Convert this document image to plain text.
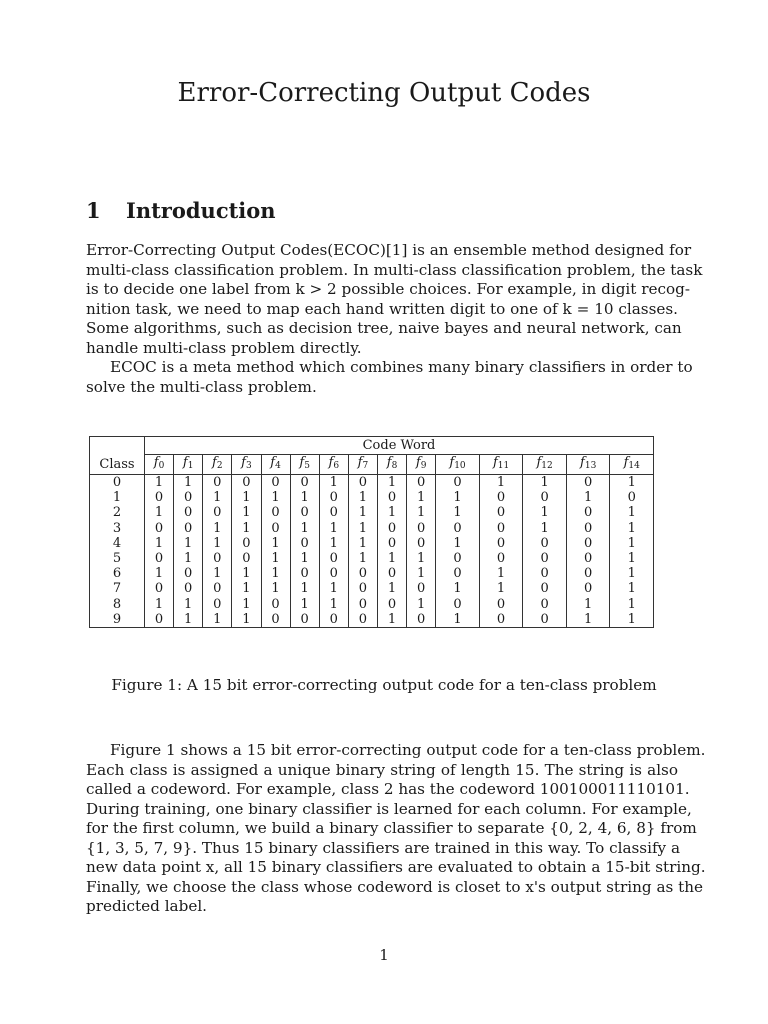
Error-Correcting Output Codes
1 Introduction
Error-Correcting Output Codes(ECOC)[1] is an ensemble method designed for
multi-class classification problem. In multi-class classification problem, the task
is to decide one label from k > 2 possible choices. For example, in digit recog-
nition task, we need to map each hand written digit to one of k = 10 classes.
Some algorithms, such as decision tree, naive bayes and neural network, can
handle multi-class problem directly.
ECOC is a meta method which combines many binary classifiers in order to
solve the multi-class problem.
	Code Word														
Class	$f_0$	$f_1$	$f_2$	$f_3$	$f_4$	$f_5$	$f_6$	$f_7$	$f_8$	$f_9$	$f_{10}$	$f_{11}$	$f_{12}$	$f_{13}$	$f_{14}$
0	1	1	0	0	0	0	1	0	1	0	0	1	1	0	1
1	0	0	1	1	1	1	0	1	0	1	1	0	0	1	0
2	1	0	0	1	0	0	0	1	1	1	1	0	1	0	1
3	0	0	1	1	0	1	1	1	0	0	0	0	1	0	1
4	1	1	1	0	1	0	1	1	0	0	1	0	0	0	1
5	0	1	0	0	1	1	0	1	1	1	0	0	0	0	1
6	1	0	1	1	1	0	0	0	0	1	0	1	0	0	1
7	0	0	0	1	1	1	1	0	1	0	1	1	0	0	1
8	1	1	0	1	0	1	1	0	0	1	0	0	0	1	1
9	0	1	1	1	0	0	0	0	1	0	1	0	0	1	1
Figure 1: A 15 bit error-correcting output code for a ten-class problem
Figure 1 shows a 15 bit error-correcting output code for a ten-class problem.
Each class is assigned a unique binary string of length 15. The string is also
called a codeword. For example, class 2 has the codeword 100100011110101.
During training, one binary classifier is learned for each column. For example,
for the first column, we build a binary classifier to separate {0, 2, 4, 6, 8} from
{1, 3, 5, 7, 9}. Thus 15 binary classifiers are trained in this way. To classify a
new data point x, all 15 binary classifiers are evaluated to obtain a 15-bit string.
Finally, we choose the class whose codeword is closet to x's output string as the
predicted label.
1
